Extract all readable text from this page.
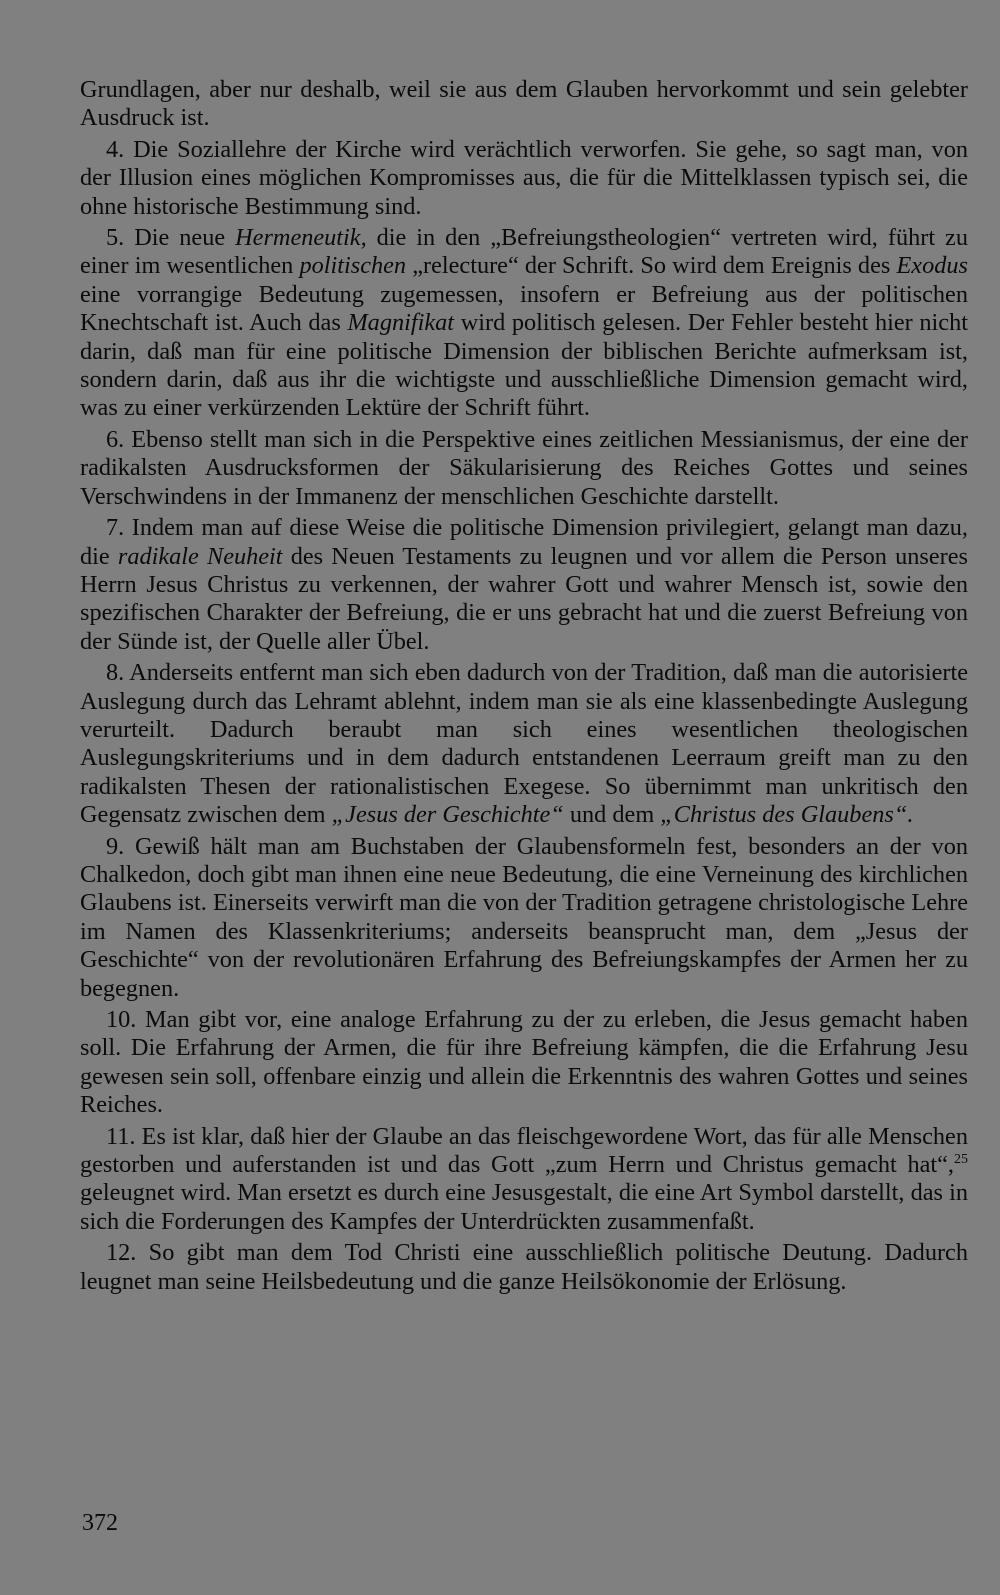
Grundlagen, aber nur deshalb, weil sie aus dem Glauben hervorkommt und sein gelebter Ausdruck ist.

4. Die Soziallehre der Kirche wird verächtlich verworfen. Sie gehe, so sagt man, von der Illusion eines möglichen Kompromisses aus, die für die Mittelklassen typisch sei, die ohne historische Bestimmung sind.

5. Die neue Hermeneutik, die in den „Befreiungstheologien“ vertreten wird, führt zu einer im wesentlichen politischen „relecture“ der Schrift. So wird dem Ereignis des Exodus eine vorrangige Bedeutung zugemessen, insofern er Befreiung aus der politischen Knechtschaft ist. Auch das Magnifikat wird politisch gelesen. Der Fehler besteht hier nicht darin, daß man für eine politische Dimension der biblischen Berichte aufmerksam ist, sondern darin, daß aus ihr die wichtigste und ausschließliche Dimension gemacht wird, was zu einer verkürzenden Lektüre der Schrift führt.

6. Ebenso stellt man sich in die Perspektive eines zeitlichen Messianismus, der eine der radikalsten Ausdrucksformen der Säkularisierung des Reiches Gottes und seines Verschwindens in der Immanenz der menschlichen Geschichte darstellt.

7. Indem man auf diese Weise die politische Dimension privilegiert, gelangt man dazu, die radikale Neuheit des Neuen Testaments zu leugnen und vor allem die Person unseres Herrn Jesus Christus zu verkennen, der wahrer Gott und wahrer Mensch ist, sowie den spezifischen Charakter der Befreiung, die er uns gebracht hat und die zuerst Befreiung von der Sünde ist, der Quelle aller Übel.

8. Anderseits entfernt man sich eben dadurch von der Tradition, daß man die autorisierte Auslegung durch das Lehramt ablehnt, indem man sie als eine klassenbedingte Auslegung verurteilt. Dadurch beraubt man sich eines wesentlichen theologischen Auslegungskriteriums und in dem dadurch entstandenen Leerraum greift man zu den radikalsten Thesen der rationalistischen Exegese. So übernimmt man unkritisch den Gegensatz zwischen dem „Jesus der Geschichte“ und dem „Christus des Glaubens“.

9. Gewiß hält man am Buchstaben der Glaubensformeln fest, besonders an der von Chalkedon, doch gibt man ihnen eine neue Bedeutung, die eine Verneinung des kirchlichen Glaubens ist. Einerseits verwirft man die von der Tradition getragene christologische Lehre im Namen des Klassenkriteriums; anderseits beansprucht man, dem „Jesus der Geschichte“ von der revolutionären Erfahrung des Befreiungskampfes der Armen her zu begegnen.

10. Man gibt vor, eine analoge Erfahrung zu der zu erleben, die Jesus gemacht haben soll. Die Erfahrung der Armen, die für ihre Befreiung kämpfen, die die Erfahrung Jesu gewesen sein soll, offenbare einzig und allein die Erkenntnis des wahren Gottes und seines Reiches.

11. Es ist klar, daß hier der Glaube an das fleischgewordene Wort, das für alle Menschen gestorben und auferstanden ist und das Gott „zum Herrn und Christus gemacht hat“,$^{25}$ geleugnet wird. Man ersetzt es durch eine Jesusgestalt, die eine Art Symbol darstellt, das in sich die Forderungen des Kampfes der Unterdrückten zusammenfaßt.

12. So gibt man dem Tod Christi eine ausschließlich politische Deutung. Dadurch leugnet man seine Heilsbedeutung und die ganze Heilsökonomie der Erlösung.

372
